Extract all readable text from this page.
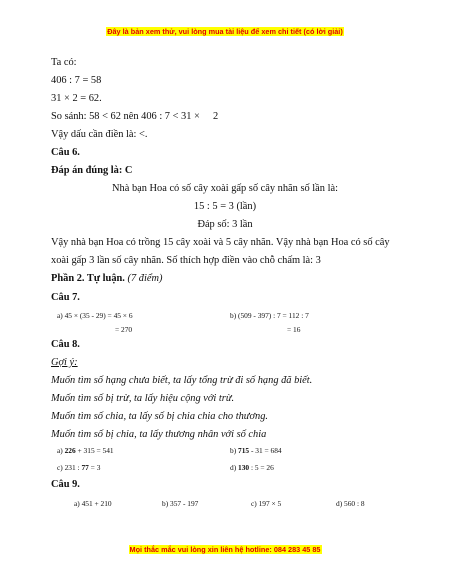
Đây là bản xem thử, vui lòng mua tài liệu để xem chi tiết (có lời giải)
Ta có:
406 : 7 = 58
31 × 2 = 62.
So sánh: 58 < 62 nên 406 : 7 < 31 × 2
Vậy dấu cần điền là: <.
Câu 6.
Đáp án đúng là: C
Nhà bạn Hoa có số cây xoài gấp số cây nhãn số lần là:
15 : 5 = 3 (lần)
Đáp số: 3 lần
Vậy nhà bạn Hoa có trồng 15 cây xoài và 5 cây nhãn. Vậy nhà bạn Hoa có số cây
xoài gấp 3 lần số cây nhãn. Số thích hợp điền vào chỗ chấm là: 3
Phần 2. Tự luận. (7 điểm)
Câu 7.
a) 45 × (35 - 29) = 45 × 6
= 270
b) (509 - 397) : 7 = 112 : 7
= 16
Câu 8.
Gợi ý:
Muốn tìm số hạng chưa biết, ta lấy tổng trừ đi số hạng đã biết.
Muốn tìm số bị trừ, ta lấy hiệu cộng với trừ.
Muốn tìm số chia, ta lấy số bị chia chia cho thương.
Muốn tìm số bị chia, ta lấy thương nhân với số chia
a) 226 + 315 = 541	b) 715 - 31 = 684
c) 231 : 77 = 3	d) 130 : 5 = 26
Câu 9.
a) 451 + 210	b) 357 - 197	c) 197 × 5	d) 560 : 8
Mọi thắc mắc vui lòng xin liên hệ hotline: 084 283 45 85
